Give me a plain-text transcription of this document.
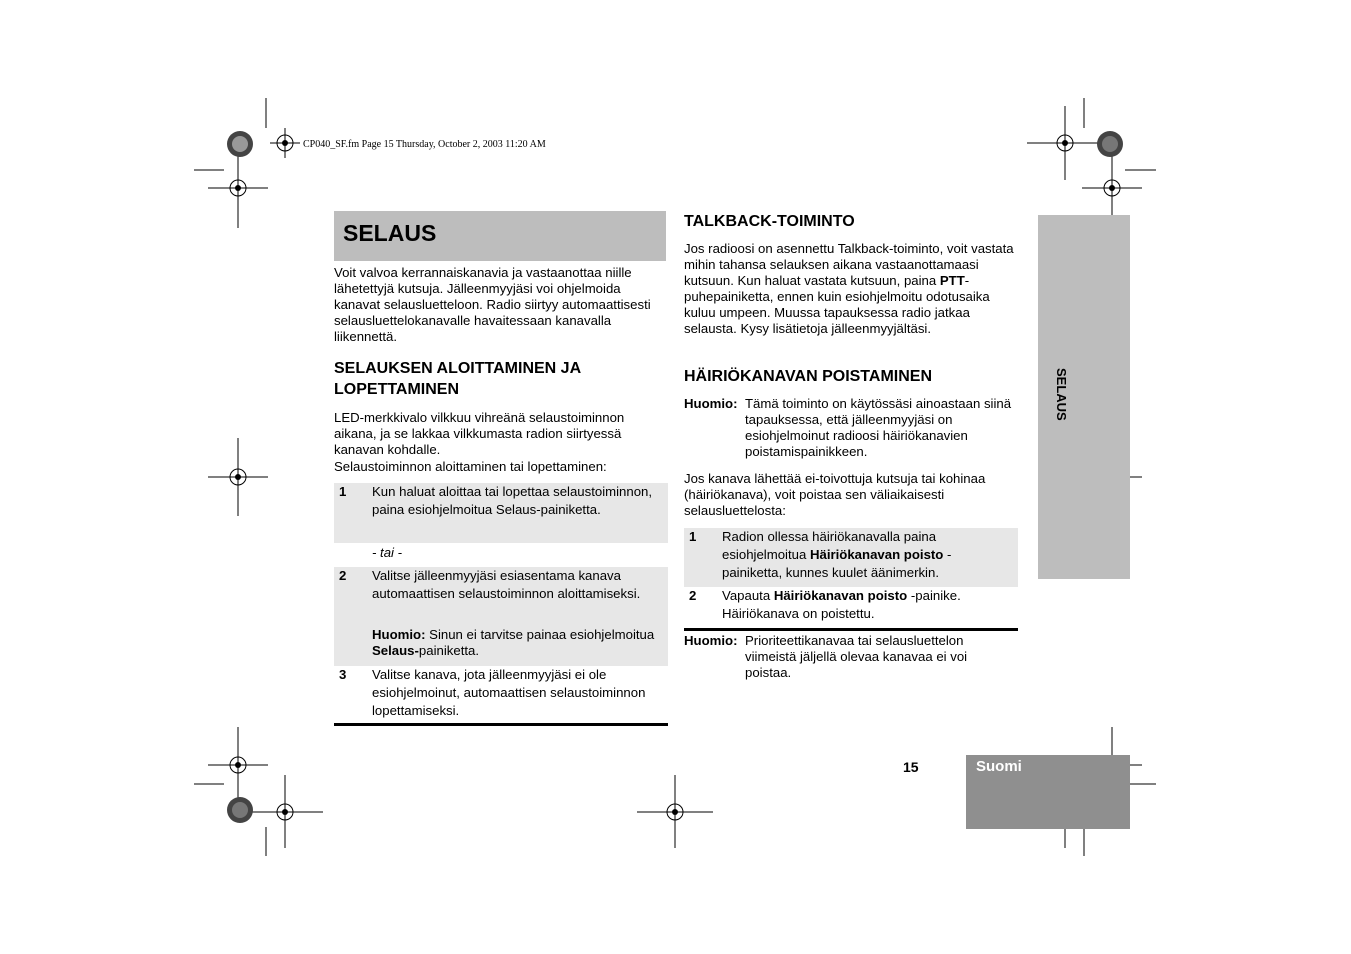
CP040_SF.fm Page 15 Thursday, October 2, 2003 11:20 AM
SELAUS
Voit valvoa kerrannaiskanavia ja vastaanottaa niille lähetettyjä kutsuja. Jälleenmyyjäsi voi ohjelmoida kanavat selausluetteloon. Radio siirtyy automaattisesti selausluettelokanavalle havaitessaan kanavalla liikennettä.
SELAUKSEN ALOITTAMINEN JA LOPETTAMINEN
LED-merkkivalo vilkkuu vihreänä selaustoiminnon aikana, ja se lakkaa vilkkumasta radion siirtyessä kanavan kohdalle.
Selaustoiminnon aloittaminen tai lopettaminen:
1 Kun haluat aloittaa tai lopettaa selaustoiminnon, paina esiohjelmoitua Selaus-painiketta.
- tai -
2 Valitse jälleenmyyjäsi esiasentama kanava automaattisen selaustoiminnon aloittamiseksi.
Huomio: Sinun ei tarvitse painaa esiohjelmoitua Selaus-painiketta.
3 Valitse kanava, jota jälleenmyyjäsi ei ole esiohjelmoinut, automaattisen selaustoiminnon lopettamiseksi.
TALKBACK-TOIMINTO
Jos radioosi on asennettu Talkback-toiminto, voit vastata mihin tahansa selauksen aikana vastaanottamaasi kutsuun. Kun haluat vastata kutsuun, paina PTT-puhepainiketta, ennen kuin esiohjelmoitu odotusaika kuluu umpeen. Muussa tapauksessa radio jatkaa selausta. Kysy lisätietoja jälleenmyyjältäsi.
HÄIRIÖKANAVAN POISTAMINEN
Huomio: Tämä toiminto on käytössäsi ainoastaan siinä tapauksessa, että jälleenmyyjäsi on esiohjelmoinut radioosi häiriökanavien poistamispainikkeen.
Jos kanava lähettää ei-toivottuja kutsuja tai kohinaa (häiriökanava), voit poistaa sen väliaikaisesti selausluettelosta:
1 Radion ollessa häiriökanavalla paina esiohjelmoitua Häiriökanavan poisto -painiketta, kunnes kuulet äänimerkin.
2 Vapauta Häiriökanavan poisto -painike. Häiriökanava on poistettu.
Huomio: Prioriteettikanavaa tai selausluettelon viimeistä jäljellä olevaa kanavaa ei voi poistaa.
SELAUS
15	Suomi
